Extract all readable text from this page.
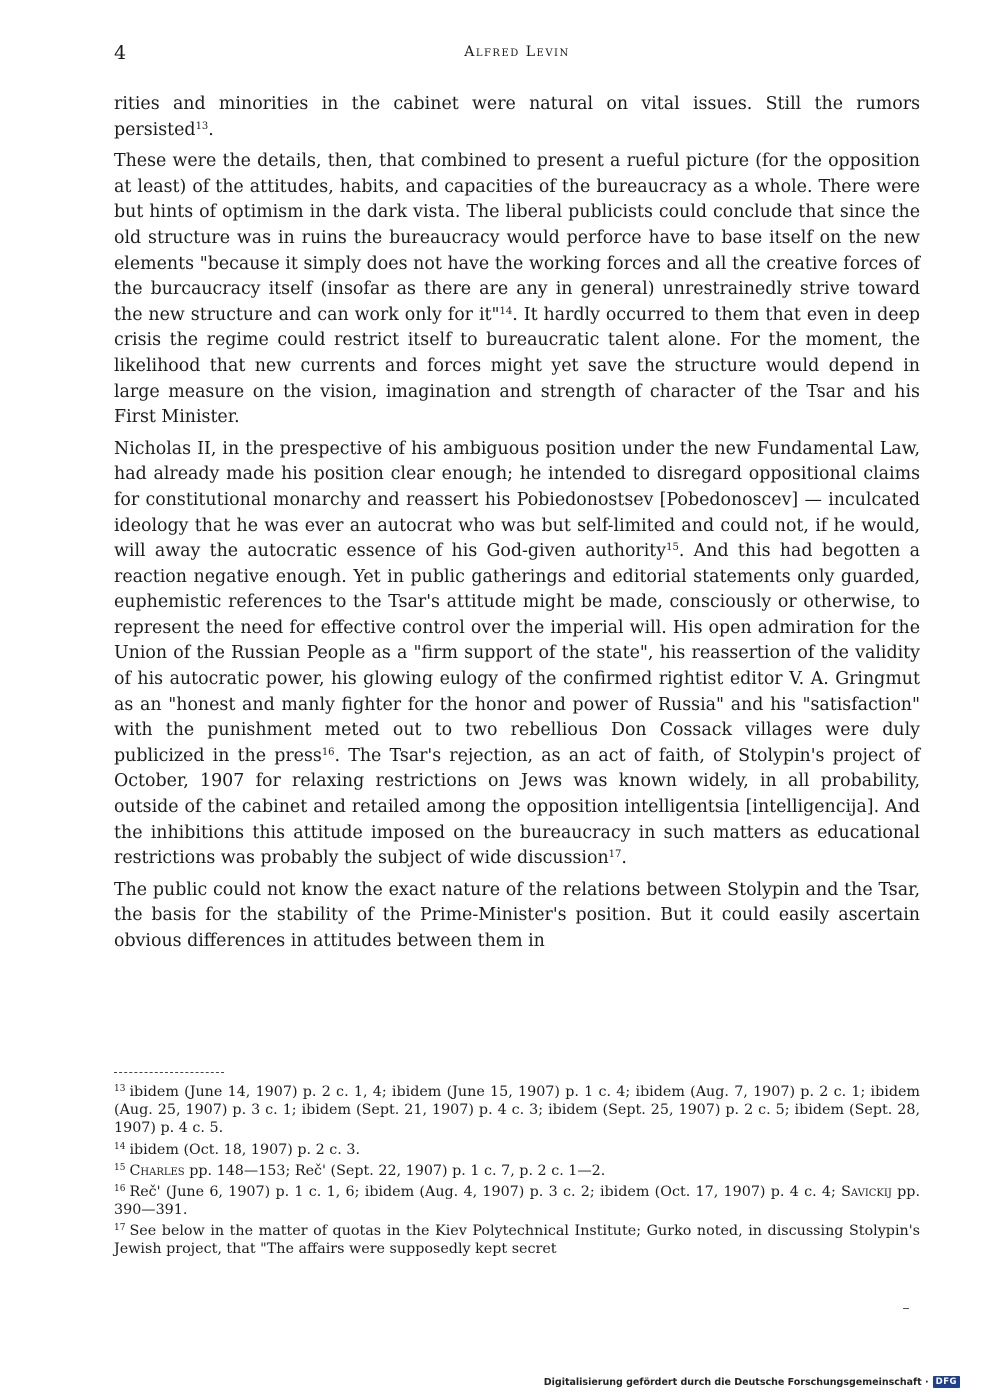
4	Alfred Levin

rities and minorities in the cabinet were natural on vital issues. Still the rumors persisted$^{13}$.

These were the details, then, that combined to present a rueful picture (for the opposition at least) of the attitudes, habits, and capacities of the bureaucracy as a whole. There were but hints of optimism in the dark vista. The liberal publicists could conclude that since the old structure was in ruins the bureaucracy would perforce have to base itself on the new elements "because it simply does not have the working forces and all the creative forces of the burcaucracy itself (insofar as there are any in general) unrestrainedly strive toward the new structure and can work only for it"$^{14}$. It hardly occurred to them that even in deep crisis the regime could restrict itself to bureaucratic talent alone. For the moment, the likelihood that new currents and forces might yet save the structure would depend in large measure on the vision, imagination and strength of character of the Tsar and his First Minister.

Nicholas II, in the prespective of his ambiguous position under the new Fundamental Law, had already made his position clear enough; he intended to disregard oppositional claims for constitutional monarchy and reassert his Pobiedonostsev [Pobedonoscev] — inculcated ideology that he was ever an autocrat who was but self-limited and could not, if he would, will away the autocratic essence of his God-given authority$^{15}$. And this had begotten a reaction negative enough. Yet in public gatherings and editorial statements only guarded, euphemistic references to the Tsar's attitude might be made, consciously or otherwise, to represent the need for effective control over the imperial will. His open admiration for the Union of the Russian People as a "firm support of the state", his reassertion of the validity of his autocratic power, his glowing eulogy of the confirmed rightist editor V. A. Gringmut as an "honest and manly fighter for the honor and power of Russia" and his "satisfaction" with the punishment meted out to two rebellious Don Cossack villages were duly publicized in the press$^{16}$. The Tsar's rejection, as an act of faith, of Stolypin's project of October, 1907 for relaxing restrictions on Jews was known widely, in all probability, outside of the cabinet and retailed among the opposition intelligentsia [intelligencija]. And the inhibitions this attitude imposed on the bureaucracy in such matters as educational restrictions was probably the subject of wide discussion$^{17}$.

The public could not know the exact nature of the relations between Stolypin and the Tsar, the basis for the stability of the Prime-Minister's position. But it could easily ascertain obvious differences in attitudes between them in

$^{13}$ ibidem (June 14, 1907) p. 2 c. 1, 4; ibidem (June 15, 1907) p. 1 c. 4; ibidem (Aug. 7, 1907) p. 2 c. 1; ibidem (Aug. 25, 1907) p. 3 c. 1; ibidem (Sept. 21, 1907) p. 4 c. 3; ibidem (Sept. 25, 1907) p. 2 c. 5; ibidem (Sept. 28, 1907) p. 4 c. 5.

$^{14}$ ibidem (Oct. 18, 1907) p. 2 c. 3.

$^{15}$ Charles pp. 148—153; Reč' (Sept. 22, 1907) p. 1 c. 7, p. 2 c. 1—2.

$^{16}$ Reč' (June 6, 1907) p. 1 c. 1, 6; ibidem (Aug. 4, 1907) p. 3 c. 2; ibidem (Oct. 17, 1907) p. 4 c. 4; Savickij pp. 390—391.

$^{17}$ See below in the matter of quotas in the Kiev Polytechnical Institute; Gurko noted, in discussing Stolypin's Jewish project, that "The affairs were supposedly kept secret

Digitalisierung gefördert durch die Deutsche Forschungsgemeinschaft · DFG
